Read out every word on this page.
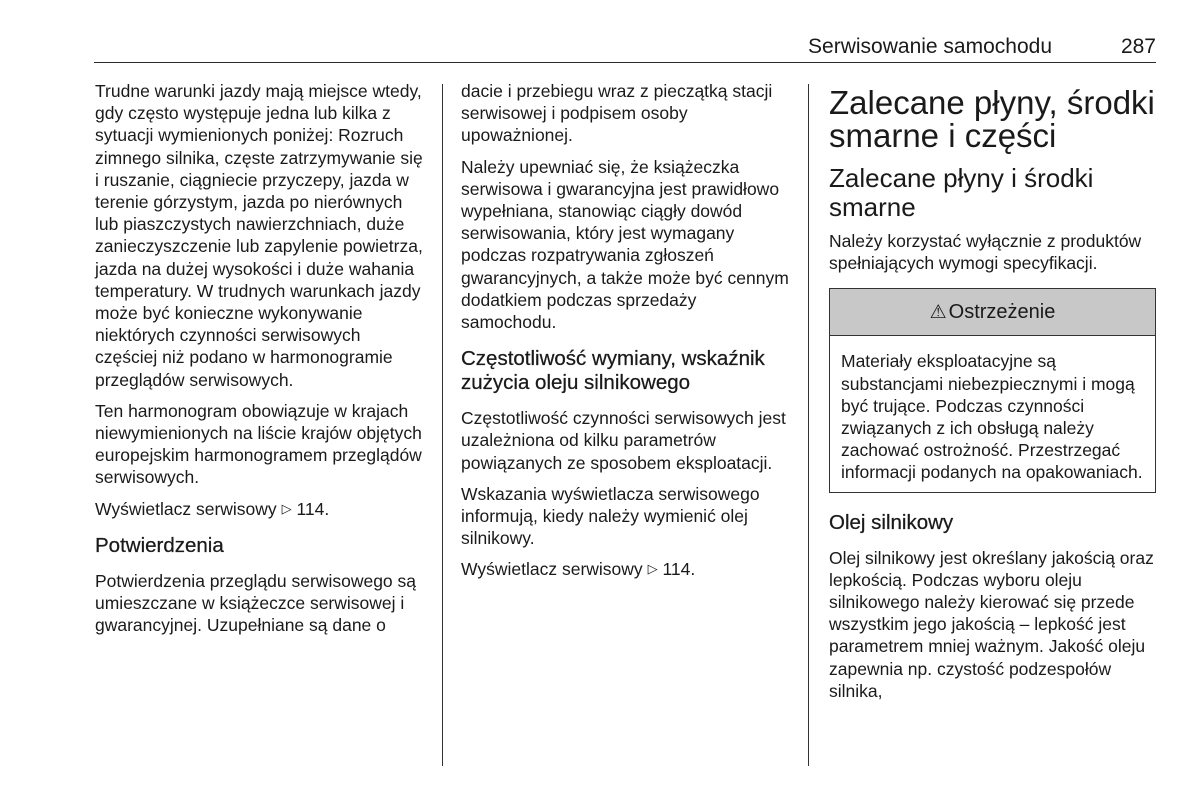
Serwisowanie samochodu	287

Trudne warunki jazdy mają miejsce wtedy, gdy często występuje jedna lub kilka z sytuacji wymienionych poniżej: Rozruch zimnego silnika, częste zatrzymywanie się i ruszanie, ciągniecie przyczepy, jazda w terenie górzystym, jazda po nierównych lub piaszczystych nawierzchniach, duże zanieczyszczenie lub zapylenie powietrza, jazda na dużej wysokości i duże wahania temperatury. W trudnych warunkach jazdy może być konieczne wykonywanie niektórych czynności serwisowych częściej niż podano w harmonogramie przeglądów serwisowych.

Ten harmonogram obowiązuje w krajach niewymienionych na liście krajów objętych europejskim harmonogramem przeglądów serwisowych.

Wyświetlacz serwisowy ▷ 114.

Potwierdzenia

Potwierdzenia przeglądu serwisowego są umieszczane w książeczce serwisowej i gwarancyjnej. Uzupełniane są dane o

dacie i przebiegu wraz z pieczątką stacji serwisowej i podpisem osoby upoważnionej.

Należy upewniać się, że książeczka serwisowa i gwarancyjna jest prawidłowo wypełniana, stanowiąc ciągły dowód serwisowania, który jest wymagany podczas rozpatrywania zgłoszeń gwarancyjnych, a także może być cennym dodatkiem podczas sprzedaży samochodu.

Częstotliwość wymiany, wskaźnik zużycia oleju silnikowego

Częstotliwość czynności serwisowych jest uzależniona od kilku parametrów powiązanych ze sposobem eksploatacji.

Wskazania wyświetlacza serwisowego informują, kiedy należy wymienić olej silnikowy.

Wyświetlacz serwisowy ▷ 114.

Zalecane płyny, środki smarne i części
Zalecane płyny i środki smarne

Należy korzystać wyłącznie z produktów spełniających wymogi specyfikacji.

⚠ Ostrzeżenie

Materiały eksploatacyjne są substancjami niebezpiecznymi i mogą być trujące. Podczas czynności związanych z ich obsługą należy zachować ostrożność. Przestrzegać informacji podanych na opakowaniach.

Olej silnikowy

Olej silnikowy jest określany jakością oraz lepkością. Podczas wyboru oleju silnikowego należy kierować się przede wszystkim jego jakością – lepkość jest parametrem mniej ważnym. Jakość oleju zapewnia np. czystość podzespołów silnika,
